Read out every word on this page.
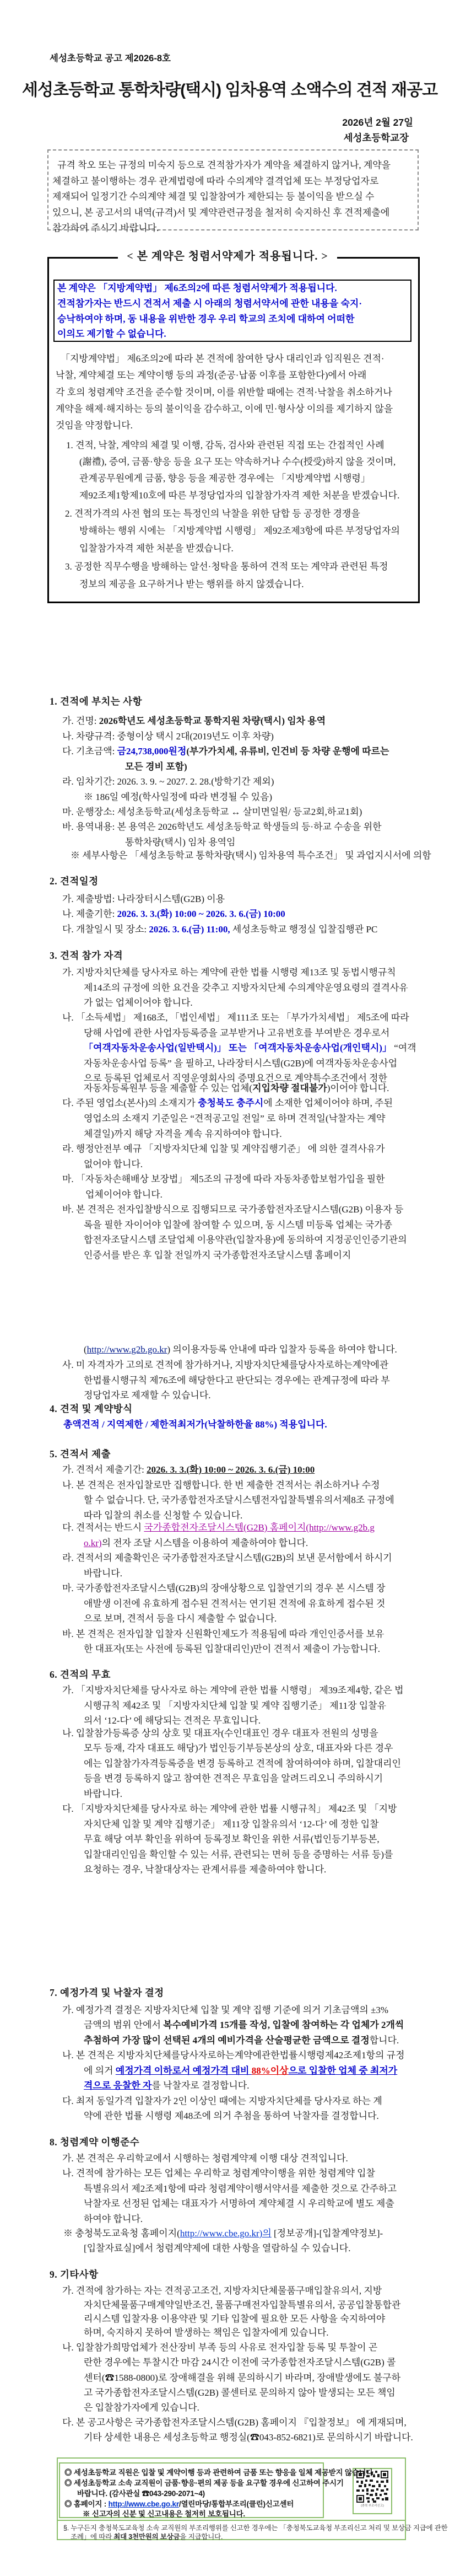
세성초등학교 공고 제2026-8호
세성초등학교 통학차량(택시) 임차용역 소액수의 견적 재공고
2026년 2월 27일
세성초등학교장
< 본 계약은 청렴서약제가 적용됩니다. >
(충북 부조리신고)
규격 착오 또는 규정의 미숙지 등으로 견적참가자가 계약을 체결하지 않거나, 계약을
체결하고 불이행하는 경우 관계법령에 따라 수의계약 결격업체 또는 부정당업자로
제재되어 일정기간 수의계약 체결 및 입찰참여가 제한되는 등 불이익을 받으실 수
있으니, 본 공고서의 내역(규격)서 및 계약관련규정을 철저히 숙지하신 후 견적제출에
참가하여 주시기 바랍니다.
본 계약은 「지방계약법」 제6조의2에 따른 청렴서약제가 적용됩니다.
견적참가자는 반드시 견적서 제출 시 아래의 청렴서약서에 관한 내용을 숙지·
승낙하여야 하며, 동 내용을 위반한 경우 우리 학교의 조치에 대하여 어떠한
이의도 제기할 수 없습니다.
「지방계약법」 제6조의2에 따라 본 견적에 참여한 당사 대리인과 임직원은 견적·
낙찰, 계약체결 또는 계약이행 등의 과정(준공·납품 이후를 포함한다)에서 아래
각 호의 청렴계약 조건을 준수할 것이며, 이를 위반할 때에는 견적·낙찰을 취소하거나
계약을 해제·해지하는 등의 불이익을 감수하고, 이에 민·형사상 이의를 제기하지 않을
것임을 약정합니다.
1. 견적, 낙찰, 계약의 체결 및 이행, 감독, 검사와 관련된 직접 또는 간접적인 사례
(謝禮), 증여, 금품·향응 등을 요구 또는 약속하거나 수수(授受)하지 않을 것이며,
관계공무원에게 금품, 향응 등을 제공한 경우에는 「지방계약법 시행령」
제92조제1항제10호에 따른 부정당업자의 입찰참가자격 제한 처분을 받겠습니다.
2. 견적가격의 사전 협의 또는 특정인의 낙찰을 위한 담합 등 공정한 경쟁을
방해하는 행위 시에는 「지방계약법 시행령」 제92조제3항에 따른 부정당업자의
입찰참가자격 제한 처분을 받겠습니다.
3. 공정한 직무수행을 방해하는 알선·청탁을 통하여 견적 또는 계약과 관련된 특정
정보의 제공을 요구하거나 받는 행위를 하지 않겠습니다.
1. 견적에 부치는 사항
가. 건명: 2026학년도 세성초등학교 통학지원 차량(택시) 임차 용역
나. 차량규격: 중형이상 택시 2대(2019년도 이후 차량)
다. 기초금액: 금24,738,000원정(부가가치세, 유류비, 인건비 등 차량 운행에 따르는
모든 경비 포함)
라. 임차기간: 2026. 3. 9. ~ 2027. 2. 28.(방학기간 제외)
※ 186일 예정(학사일정에 따라 변경될 수 있음)
마. 운행장소: 세성초등학교(세성초등학교 ↔ 살미면일원/ 등교2회,하교1회)
바. 용역내용: 본 용역은 2026학년도 세성초등학교 학생들의 등·하교 수송을 위한
통학차량(택시) 임차 용역임
※ 세부사항은 「세성초등학교 통학차량(택시) 임차용역 특수조건」 및 과업지시서에 의함
2. 견적일정
가. 제출방법: 나라장터시스템(G2B) 이용
나. 제출기한: 2026. 3. 3.(화) 10:00 ~ 2026. 3. 6.(금) 10:00
다. 개찰일시 및 장소: 2026. 3. 6.(금) 11:00, 세성초등학교 행정실 입찰집행관 PC
3. 견적 참가 자격
가. 지방자치단체를 당사자로 하는 계약에 관한 법률 시행령 제13조 및 동법시행규칙
제14조의 규정에 의한 요건을 갖추고 지방자치단체 수의계약운영요령의 결격사유
가 없는 업체이어야 합니다.
나. 「소득세법」 제168조, 「법인세법」 제111조 또는 「부가가치세법」 제5조에 따라
당해 사업에 관한 사업자등록증을 교부받거나 고유번호를 부여받은 경우로서
「여객자동차운송사업(일반택시)」 또는 「여객자동차운송사업(개인택시)」 “여객
자동차운송사업 등록” 을 필하고, 나라장터시스템(G2B)에 여객자동차운송사업
으로 등록된 업체로서 직영운영회사의 증명요건으로 계약특수조건에서 정한
자동차등록원부 등을 제출할 수 있는 업체(지입차량 절대불가)이어야 합니다.
다. 주된 영업소(본사)의 소재지가 충청북도 충주시에 소재한 업체이어야 하며, 주된
영업소의 소재지 기준일은 “견적공고일 전일” 로 하며 견적일(낙찰자는 계약
체결일)까지 해당 자격을 계속 유지하여야 합니다.
라. 행정안전부 예규 「지방자치단체 입찰 및 계약집행기준」 에 의한 결격사유가
없어야 합니다.
마. 「자동차손해배상 보장법」 제5조의 규정에 따라 자동차종합보험가입을 필한
업체이어야 합니다.
바. 본 견적은 전자입찰방식으로 집행되므로 국가종합전자조달시스템(G2B) 이용자 등
록을 필한 자이어야 입찰에 참여할 수 있으며, 동 시스템 미등록 업체는 국가종
합전자조달시스템 조달업체 이용약관(입찰자용)에 동의하여 지정공인인증기관의
인증서를 받은 후 입찰 전일까지 국가종합전자조달시스템 홈페이지
(http://www.g2b.go.kr) 의이용자등록 안내에 따라 입찰자 등록을 하여야 합니다.
사. 미 자격자가 고의로 견적에 참가하거나, 지방자치단체를당사자로하는계약에관
한법률시행규칙 제76조에 해당한다고 판단되는 경우에는 관계규정에 따라 부
정당업자로 제재할 수 있습니다.
4. 견적 및 계약방식
총액견적 / 지역제한 / 제한적최저가(낙찰하한율 88%) 적용입니다.
5. 견적서 제출
가. 견적서 제출기간: 2026. 3. 3.(화) 10:00 ~ 2026. 3. 6.(금) 10:00
나. 본 견적은 전자입찰로만 집행합니다. 한 번 제출한 견적서는 취소하거나 수정
할 수 없습니다. 단, 국가종합전자조달시스템전자입찰특별유의서제8조 규정에
따라 입찰의 취소를 신청할 수 있습니다.
다. 견적서는 반드시 국가종합전자조달시스템(G2B) 홈페이지(http://www.g2b.g
o.kr)의 전자 조달 시스템을 이용하여 제출하여야 합니다.
라. 견적서의 제출확인은 국가종합전자조달시스템(G2B)의 보낸 문서함에서 하시기
바랍니다.
마. 국가종합전자조달시스템(G2B)의 장애상황으로 입찰연기의 경우 본 시스템 장
애발생 이전에 유효하게 접수된 견적서는 연기된 견적에 유효하게 접수된 것
으로 보며, 견적서 등을 다시 제출할 수 없습니다.
바. 본 견적은 전자입찰 입찰자 신원확인제도가 적용됨에 따라 개인인증서를 보유
한 대표자(또는 사전에 등록된 입찰대리인)만이 견적서 제출이 가능합니다.
6. 견적의 무효
가. 「지방자치단체를 당사자로 하는 계약에 관한 법률 시행령」 제39조제4항, 같은 법
시행규칙 제42조 및 「지방자치단체 입찰 및 계약 집행기준」 제11장 입찰유
의서 ‘12-다’ 에 해당되는 견적은 무효입니다.
나. 입찰참가등록증 상의 상호 및 대표자(수인대표인 경우 대표자 전원의 성명을
모두 등재, 각자 대표도 해당)가 법인등기부등본상의 상호, 대표자와 다른 경우
에는 입찰참가자격등록증을 변경 등록하고 견적에 참여하여야 하며, 입찰대리인
등을 변경 등록하지 않고 참여한 견적은 무효임을 알려드리오니 주의하시기
바랍니다.
다. 「지방자치단체를 당사자로 하는 계약에 관한 법률 시행규칙」 제42조 및 「지방
자치단체 입찰 및 계약 집행기준」 제11장 입찰유의서 ‘12-다’ 에 정한 입찰
무효 해당 여부 확인을 위하여 등록정보 확인을 위한 서류(법인등기부등본,
입찰대리인임을 확인할 수 있는 서류, 관련되는 면허 등을 증명하는 서류 등)를
요청하는 경우, 낙찰대상자는 관계서류를 제출하여야 합니다.
7. 예정가격 및 낙찰자 결정
가. 예정가격 결정은 지방자치단체 입찰 및 계약 집행 기준에 의거 기초금액의 ±3%
금액의 범위 안에서 복수예비가격 15개를 작성, 입찰에 참여하는 각 업체가 2개씩
추첨하여 가장 많이 선택된 4개의 예비가격을 산술평균한 금액으로 결정합니다.
나. 본 견적은 지방자치단체를당사자로하는계약에관한법률시행령제42조제1항의 규정
에 의거 예정가격 이하로서 예정가격 대비 88%이상으로 입찰한 업체 중 최저가
격으로 응찰한 자를 낙찰자로 결정합니다.
다. 최저 동일가격 입찰자가 2인 이상인 때에는 지방자치단체를 당사자로 하는 계
약에 관한 법률 시행령 제48조에 의거 추첨을 통하여 낙찰자를 결정합니다.
8. 청렴계약 이행준수
가. 본 견적은 우리학교에서 시행하는 청렴계약제 이행 대상 견적입니다.
나. 견적에 참가하는 모든 업체는 우리학교 청렴계약이행을 위한 청렴계약 입찰
특별유의서 제2조제1항에 따라 청렴계약이행서약서를 제출한 것으로 간주하고
낙찰자로 선정된 업체는 대표자가 서명하여 계약체결 시 우리학교에 별도 제출
하여야 합니다.
※ 충청북도교육청 홈페이지(http://www.cbe.go.kr)의 [정보공개]-[입찰계약정보]-
[입찰자료실]에서 청렴계약제에 대한 사항을 열람하실 수 있습니다.
9. 기타사항
가. 견적에 참가하는 자는 견적공고조건, 지방자치단체물품구매입찰유의서, 지방
자치단체물품구매계약일반조건, 물품구매전자입찰특별유의서, 공공입찰통합관
리시스템 입찰자용 이용약관 및 기타 입찰에 필요한 모든 사항을 숙지하여야
하며, 숙지하지 못하여 발생하는 책임은 입찰자에게 있습니다.
나. 입찰참가희망업체가 전산장비 부족 등의 사유로 전자입찰 등록 및 투찰이 곤
란한 경우에는 투찰시간 마감 24시간 이전에 국가종합전자조달시스템(G2B) 콜
센터(☎1588-0800)로 장애해결을 위해 문의하시기 바라며, 장애발생에도 불구하
고 국가종합전자조달시스템(G2B) 콜센터로 문의하지 않아 발생되는 모든 책임
은 입찰참가자에게 있습니다.
다. 본 공고사항은 국가종합전자조달시스템(G2B) 홈페이지 『입찰정보』 에 게재되며,
기타 상세한 내용은 세성초등학교 행정실(☎043-852-6821)로 문의하시기 바랍니다.
◎ 세성초등학교 직원은 입찰 및 계약이행 등과 관련하여 금품 또는 향응을 일체 제공받지 않습니다.
◎ 세성초등학교 소속 교직원이 금품·향응·편의 제공 등을 요구할 경우에 신고하여 주시기
바랍니다. (감사관실 ☎043-290-2071~4)
◎ 홈페이지 : http://www.cbe.go.kr/열린마당/통합부조리(클린)신고센터
※ 신고자의 신분 및 신고내용은 철저히 보호됩니다.
§. 누구든지 충청북도교육청 소속 교직원의 부조리행위를 신고한 경우에는 「충청북도교육청 부조리신고 처리 및 보상금 지급에 관한
조례」에 따라 최대 3천만원의 보상금을 지급합니다.
